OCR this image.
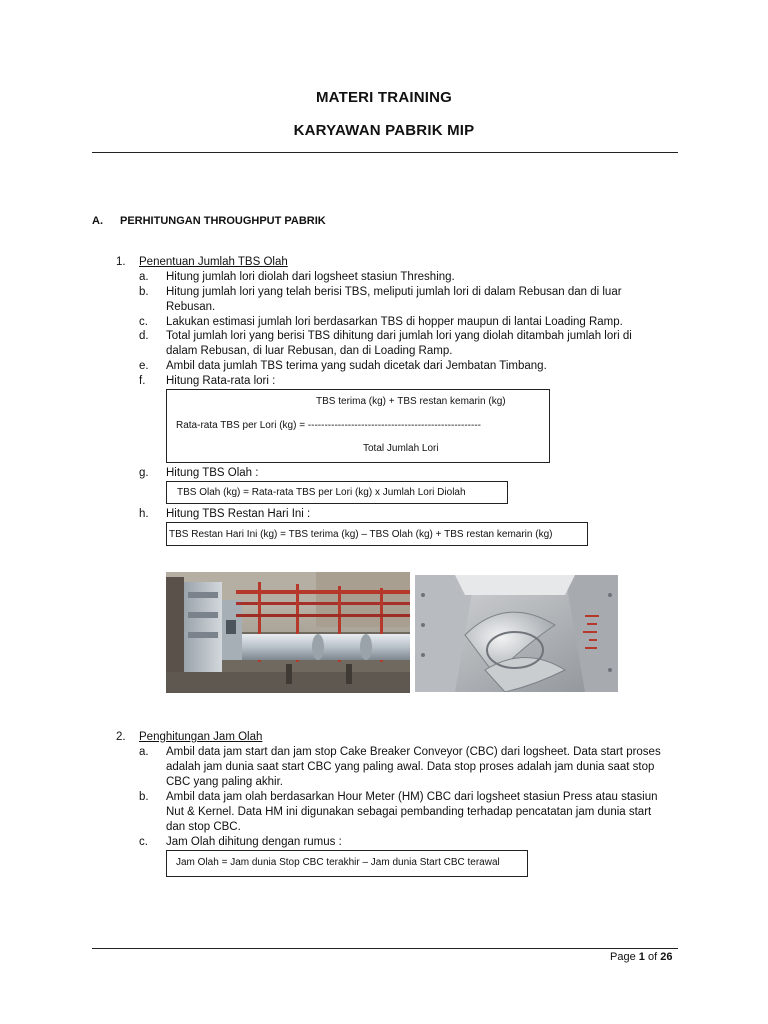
MATERI TRAINING
KARYAWAN PABRIK MIP
A. PERHITUNGAN THROUGHPUT PABRIK
1. Penentuan Jumlah TBS Olah
a. Hitung jumlah lori diolah dari logsheet stasiun Threshing.
b. Hitung jumlah lori yang telah berisi TBS, meliputi jumlah lori di dalam Rebusan dan di luar
Rebusan.
c. Lakukan estimasi jumlah lori berdasarkan TBS di hopper maupun di lantai Loading Ramp.
d. Total jumlah lori yang berisi TBS dihitung dari jumlah lori yang diolah ditambah jumlah lori di
dalam Rebusan, di luar Rebusan, dan di Loading Ramp.
e. Ambil data jumlah TBS terima yang sudah dicetak dari Jembatan Timbang.
f. Hitung Rata-rata lori :
TBS terima (kg) + TBS restan kemarin (kg)
Rata-rata TBS per Lori (kg) = ----------------------------------------------------
Total Jumlah Lori
g. Hitung TBS Olah :
TBS Olah (kg) = Rata-rata TBS per Lori (kg) x Jumlah Lori Diolah
h. Hitung TBS Restan Hari Ini :
TBS Restan Hari Ini (kg) = TBS terima (kg) – TBS Olah (kg) + TBS restan kemarin (kg)
2. Penghitungan Jam Olah
a. Ambil data jam start dan jam stop Cake Breaker Conveyor (CBC) dari logsheet. Data start proses
adalah jam dunia saat start CBC yang paling awal. Data stop proses adalah jam dunia saat stop
CBC yang paling akhir.
b. Ambil data jam olah berdasarkan Hour Meter (HM) CBC dari logsheet stasiun Press atau stasiun
Nut & Kernel. Data HM ini digunakan sebagai pembanding terhadap pencatatan jam dunia start
dan stop CBC.
c. Jam Olah dihitung dengan rumus :
Jam Olah = Jam dunia Stop CBC terakhir – Jam dunia Start CBC terawal
Page 1 of 26
